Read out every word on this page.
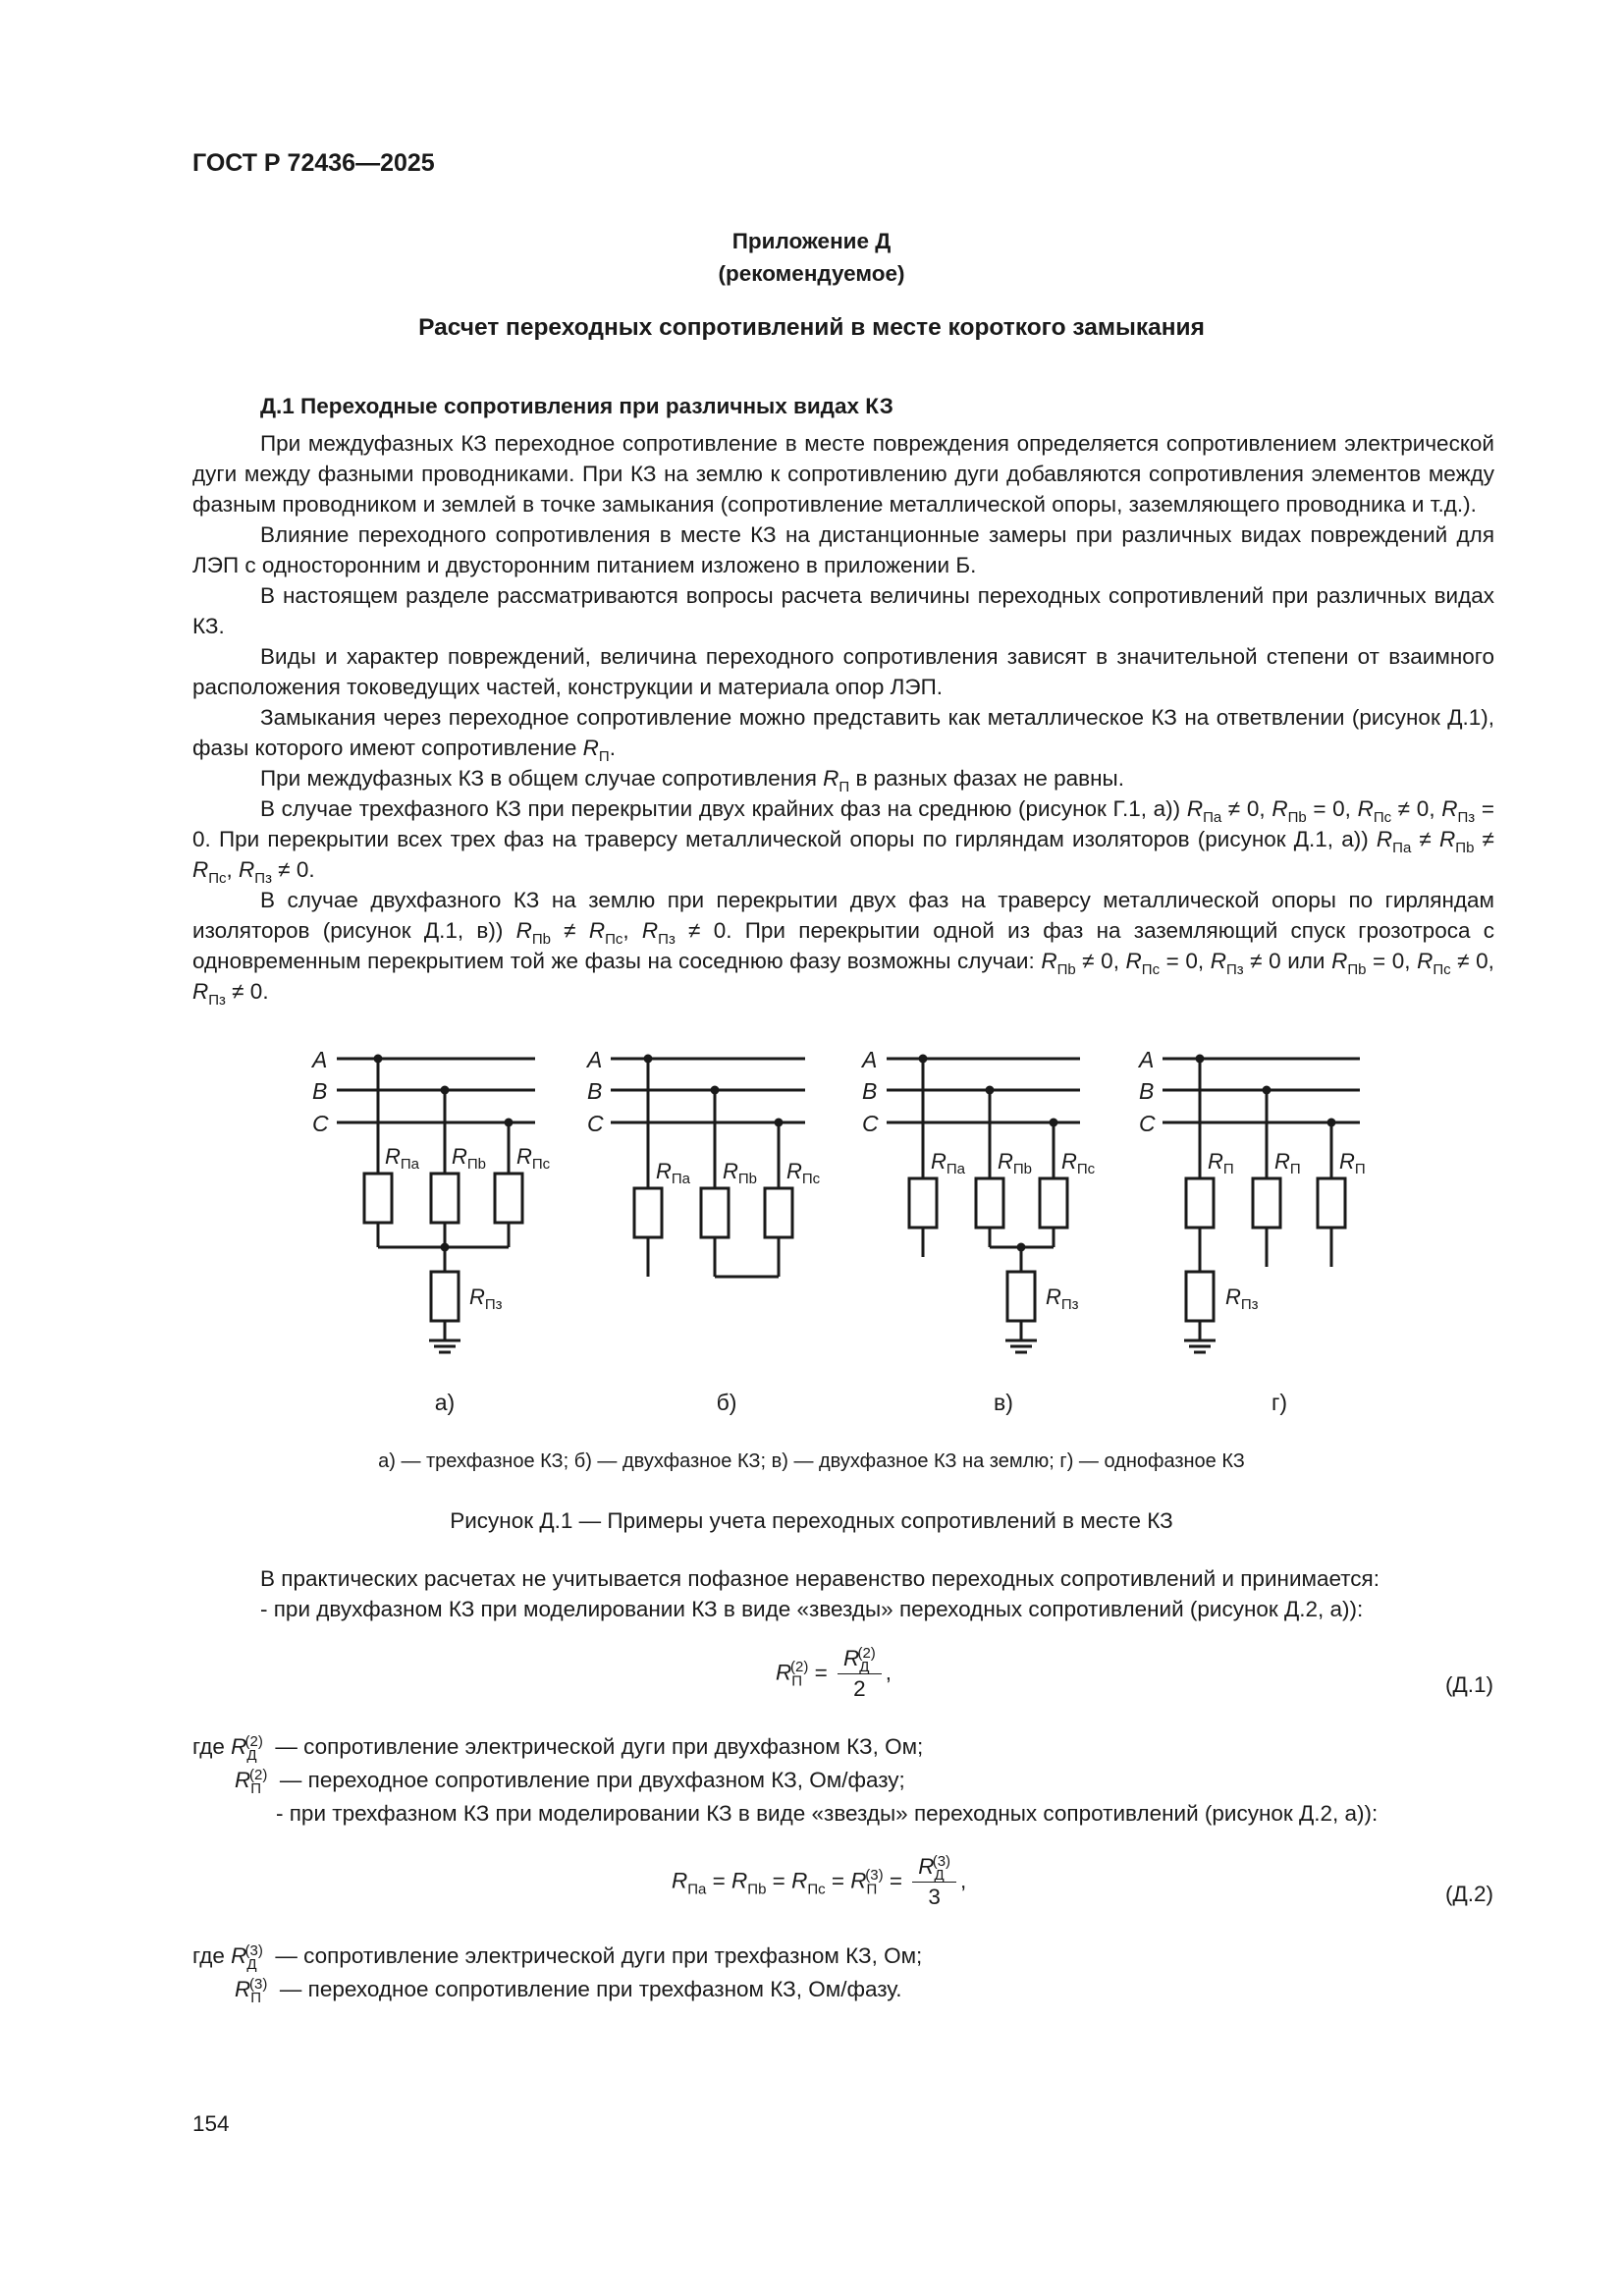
ГОСТ Р 72436—2025
Приложение Д
(рекомендуемое)
Расчет переходных сопротивлений в месте короткого замыкания
Д.1 Переходные сопротивления при различных видах КЗ

При междуфазных КЗ переходное сопротивление в месте повреждения определяется сопротивлением электрической дуги между фазными проводниками. При КЗ на землю к сопротивлению дуги добавляются сопротивления элементов между фазным проводником и землей в точке замыкания (сопротивление металлической опоры, заземляющего проводника и т.д.).

Влияние переходного сопротивления в месте КЗ на дистанционные замеры при различных видах повреждений для ЛЭП с односторонним и двусторонним питанием изложено в приложении Б.

В настоящем разделе рассматриваются вопросы расчета величины переходных сопротивлений при различных видах КЗ.

Виды и характер повреждений, величина переходного сопротивления зависят в значительной степени от взаимного расположения токоведущих частей, конструкции и материала опор ЛЭП.

Замыкания через переходное сопротивление можно представить как металлическое КЗ на ответвлении (рисунок Д.1), фазы которого имеют сопротивление $R_П$.

При междуфазных КЗ в общем случае сопротивления $R_П$ в разных фазах не равны.

В случае трехфазного КЗ при перекрытии двух крайних фаз на среднюю (рисунок Г.1, а)) $R_{Па} \ne 0$, $R_{Пb} = 0$, $R_{Пс} \ne 0$, $R_{Пз} = 0$. При перекрытии всех трех фаз на траверсу металлической опоры по гирляндам изоляторов (рисунок Д.1, а)) $R_{Па} \ne R_{Пb} \ne R_{Пс}$, $R_{Пз} \ne 0$.

В случае двухфазного КЗ на землю при перекрытии двух фаз на траверсу металлической опоры по гирляндам изоляторов (рисунок Д.1, в)) $R_{Пb} \ne R_{Пс}$, $R_{Пз} \ne 0$. При перекрытии одной из фаз на заземляющий спуск грозотроса с одновременным перекрытием той же фазы на соседнюю фазу возможны случаи: $R_{Пb} \ne 0$, $R_{Пс} = 0$, $R_{Пз} \ne 0$ или $R_{Пb} = 0$, $R_{Пс} \ne 0$, $R_{Пз} \ne 0$.

A
B
C
A
B
C
A
B
C
A
B
C
$R_{Па}$ $R_{Пb}$ $R_{Пс}$
$R_{Пз}$
$R_{Па}$ $R_{Пb}$ $R_{Пс}$
$R_{Па}$ $R_{Пb}$ $R_{Пс}$
$R_{Пз}$
$R_П$ $R_П$ $R_П$
$R_{Пз}$
а)	б)	в)	г)
а) — трехфазное КЗ; б) — двухфазное КЗ; в) — двухфазное КЗ на землю; г) — однофазное КЗ
Рисунок Д.1 — Примеры учета переходных сопротивлений в месте КЗ

В практических расчетах не учитывается пофазное неравенство переходных сопротивлений и принимается:

- при двухфазном КЗ при моделировании КЗ в виде «звезды» переходных сопротивлений (рисунок Д.2, а)):

$R_П^{(2)} = \frac{R_Д^{(2)}}{2}$ ,
(Д.1)
где $R_Д^{(2)}$ — сопротивление электрической дуги при двухфазном КЗ, Ом;
$R_П^{(2)}$ — переходное сопротивление при двухфазном КЗ, Ом/фазу;
- при трехфазном КЗ при моделировании КЗ в виде «звезды» переходных сопротивлений (рисунок Д.2, а)):
$R_{Па} = R_{Пb} = R_{Пс} = R_П^{(3)} = \frac{R_Д^{(3)}}{3}$ ,
(Д.2)
где $R_Д^{(3)}$ — сопротивление электрической дуги при трехфазном КЗ, Ом;
$R_П^{(3)}$ — переходное сопротивление при трехфазном КЗ, Ом/фазу.
154
